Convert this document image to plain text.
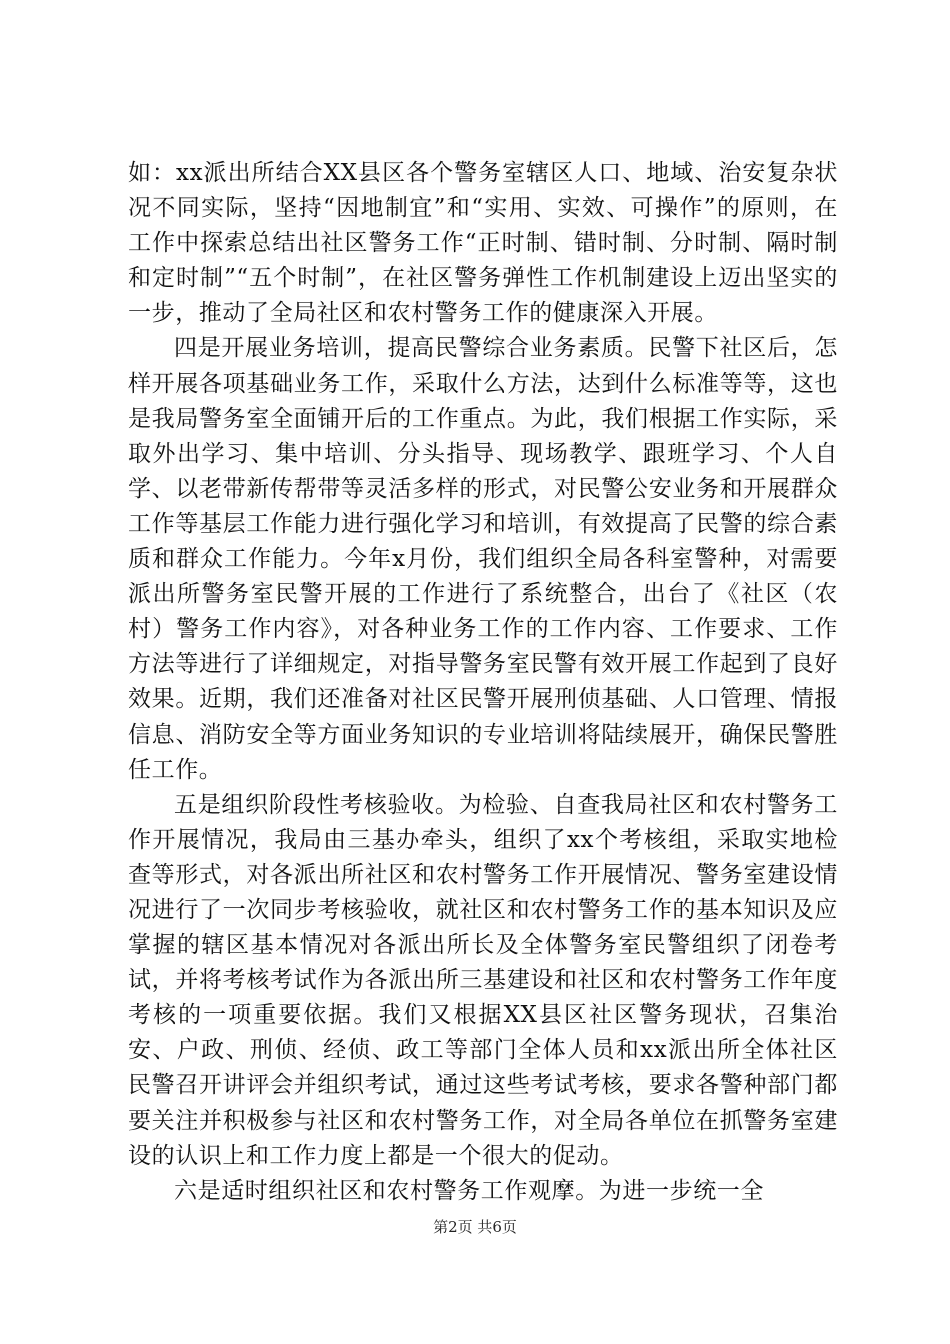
如：xx派出所结合XX县区各个警务室辖区人口、地域、治安复杂状况不同实际，坚持“因地制宜”和“实用、实效、可操作”的原则，在工作中探索总结出社区警务工作“正时制、错时制、分时制、隔时制和定时制”“五个时制”，在社区警务弹性工作机制建设上迈出坚实的一步，推动了全局社区和农村警务工作的健康深入开展。

四是开展业务培训，提高民警综合业务素质。民警下社区后，怎样开展各项基础业务工作，采取什么方法，达到什么标准等等，这也是我局警务室全面铺开后的工作重点。为此，我们根据工作实际，采取外出学习、集中培训、分头指导、现场教学、跟班学习、个人自学、以老带新传帮带等灵活多样的形式，对民警公安业务和开展群众工作等基层工作能力进行强化学习和培训，有效提高了民警的综合素质和群众工作能力。今年x月份，我们组织全局各科室警种，对需要派出所警务室民警开展的工作进行了系统整合，出台了《社区（农村）警务工作内容》，对各种业务工作的工作内容、工作要求、工作方法等进行了详细规定，对指导警务室民警有效开展工作起到了良好效果。近期，我们还准备对社区民警开展刑侦基础、人口管理、情报信息、消防安全等方面业务知识的专业培训将陆续展开，确保民警胜任工作。

五是组织阶段性考核验收。为检验、自查我局社区和农村警务工作开展情况，我局由三基办牵头，组织了xx个考核组，采取实地检查等形式，对各派出所社区和农村警务工作开展情况、警务室建设情况进行了一次同步考核验收，就社区和农村警务工作的基本知识及应掌握的辖区基本情况对各派出所长及全体警务室民警组织了闭卷考试，并将考核考试作为各派出所三基建设和社区和农村警务工作年度考核的一项重要依据。我们又根据XX县区社区警务现状，召集治安、户政、刑侦、经侦、政工等部门全体人员和xx派出所全体社区民警召开讲评会并组织考试，通过这些考试考核，要求各警种部门都要关注并积极参与社区和农村警务工作，对全局各单位在抓警务室建设的认识上和工作力度上都是一个很大的促动。

六是适时组织社区和农村警务工作观摩。为进一步统一全

第2页 共6页
